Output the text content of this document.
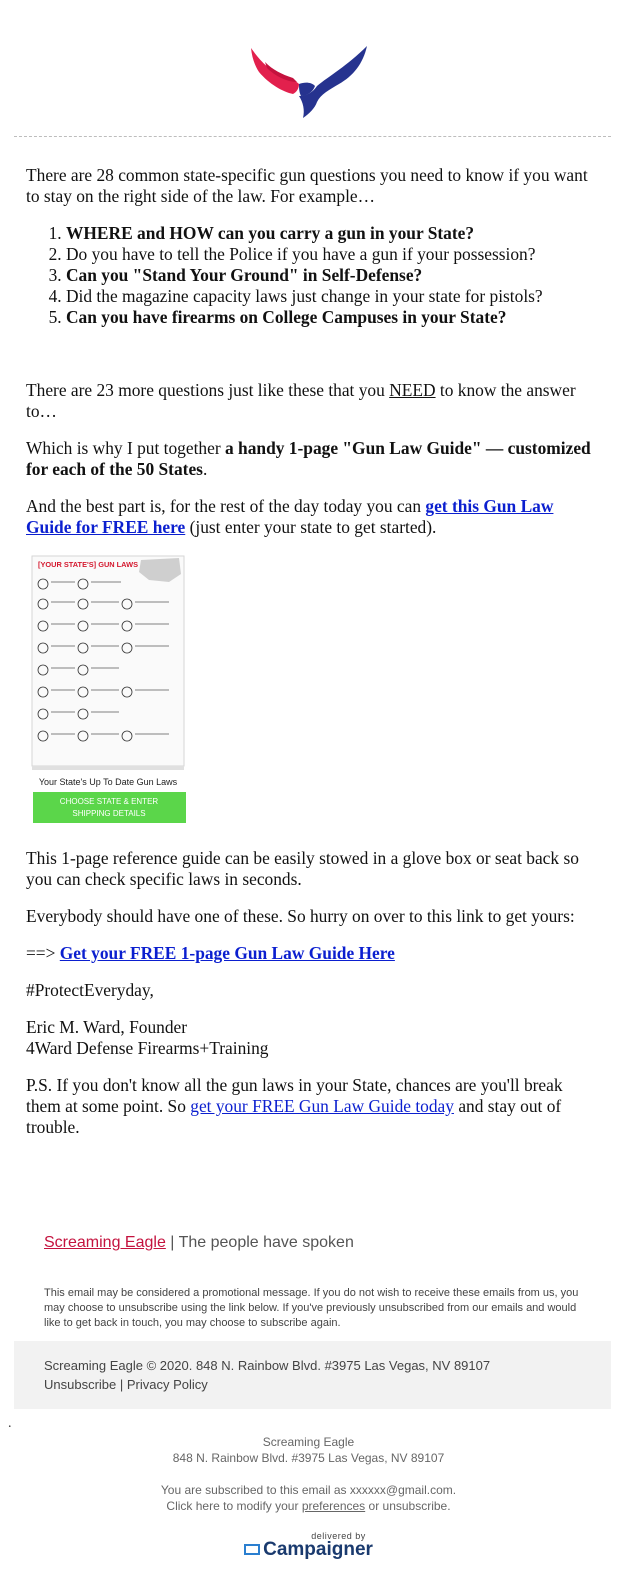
There are 28 common state-specific gun questions you need to know if you want to stay on the right side of the law. For example…

1. WHERE and HOW can you carry a gun in your State?
2. Do you have to tell the Police if you have a gun if your possession?
3. Can you "Stand Your Ground" in Self-Defense?
4. Did the magazine capacity laws just change in your state for pistols?
5. Can you have firearms on College Campuses in your State?

There are 23 more questions just like these that you NEED to know the answer to…

Which is why I put together a handy 1-page "Gun Law Guide" — customized for each of the 50 States.

And the best part is, for the rest of the day today you can get this Gun Law Guide for FREE here (just enter your state to get started).

[YOUR STATE'S] GUN LAWS
Your State's Up To Date Gun Laws
CHOOSE STATE & ENTER
SHIPPING DETAILS

This 1-page reference guide can be easily stowed in a glove box or seat back so you can check specific laws in seconds.

Everybody should have one of these. So hurry on over to this link to get yours:

==> Get your FREE 1-page Gun Law Guide Here

#ProtectEveryday,

Eric M. Ward, Founder
4Ward Defense Firearms+Training

P.S. If you don't know all the gun laws in your State, chances are you'll break them at some point. So get your FREE Gun Law Guide today and stay out of trouble.

Screaming Eagle | The people have spoken
This email may be considered a promotional message. If you do not wish to receive these emails from us, you may choose to unsubscribe using the link below. If you've previously unsubscribed from our emails and would like to get back in touch, you may choose to subscribe again.
Screaming Eagle © 2020. 848 N. Rainbow Blvd. #3975 Las Vegas, NV 89107
Unsubscribe | Privacy Policy
.
Screaming Eagle
848 N. Rainbow Blvd. #3975 Las Vegas, NV 89107
You are subscribed to this email as xxxxxx@gmail.com.
Click here to modify your preferences or unsubscribe.
delivered by
Campaigner
